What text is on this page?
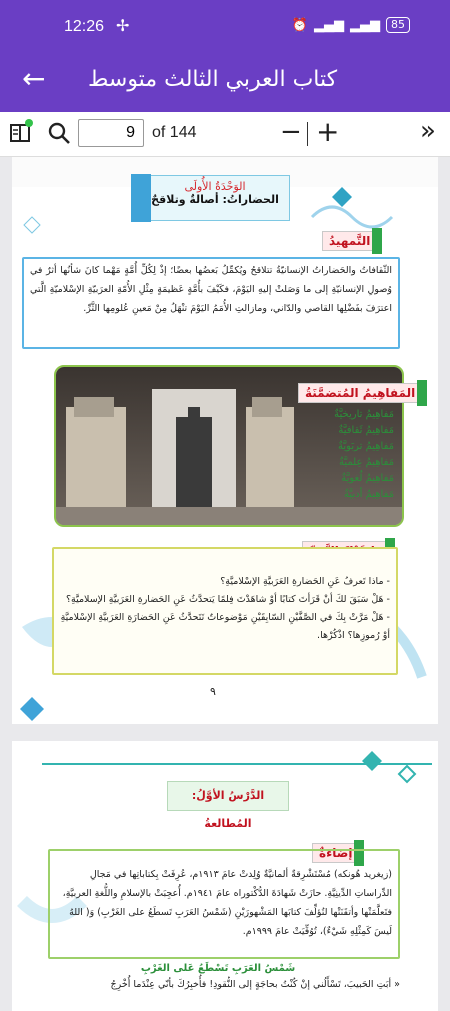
12:26 ✢	⏰ ▂▄▆ ▂▄▆	85
← كتاب العربي الثالث متوسط
9
of 144	− +	»
الوَحْدَةُ الأُولَى
الحضاراتُ: أصالةٌ وتلاقحٌ
التَّمهيدُ
الثّقافاتُ والحَضاراتُ الإنسانيّةُ تتلاقحُ ويُكمِّلُ بَعضُها بعضًا؛ إذْ لِكُلِّ أُمَّةٍ مَهْما كانَ شأنُها أثرٌ في وُصولِ الإنسانيّةِ إلى ما وَصَلتْ إليهِ اليَوْمَ، فكَيْفَ بأُمَّةٍ عَظيمَةٍ مِثْلِ الأُمّةِ العرَبيّةِ الإسْلاميّةِ الَّتي اعترَفَ بفَضْلِها القاصي والدّاني، ومازالتِ الأُمَمُ اليَوْمَ تنْهَلُ مِنْ مَعينِ عُلومِها الثَّرِّ.
المَفاهِيمُ المُتضمَّنَةُ
مَفاهِيمُ تاريخيَّةٌ
مَفاهِيمُ ثَقافيَّةٌ
مَفاهِيمُ تربَويَّةٌ
مَفاهِيمُ عِلميَّةٌ
مَفاهِيمُ لُغويَّةٌ
مَفاهِيمُ أدبيَّةٌ
- ماذا تَعرفُ عَنِ الحَضارةِ العَرَبيَّةِ الإسْلاميَّةِ؟
- هَلْ سَبَقَ لكَ أنْ قَرَأتَ كتابًا أوْ شاهَدْتَ فِلمًا يَتحدَّثُ عَنِ الحَضارةِ العَرَبيَّةِ الإسلاميَّةِ؟
- هَلْ مَرَّتْ بِكَ في الصَّفَّيْنِ السّابِقَيْنِ مَوْضوعاتٌ تَتَحدَّثُ عَنِ الحَضارَةِ العَرَبيَّةِ الإسْلاميَّةِ أوْ رُموزِها؟ اذْكُرْها.
٩
الدَّرْسُ الأوَّلُ: المُطالعةُ
إضاءةٌ
(زيغريد هُونكه) مُسْتَشْرِقةٌ ألمانيَّةٌ وُلِدتْ عامَ ١٩١٣م، عُرِفَتْ بِكتاباتِها في مَجالِ الدِّراساتِ الدِّينِيَّةِ. حازَتْ شَهادَةَ الدُّكْتوراه عامَ ١٩٤١م. أُعجِبَتْ بالإسلامِ واللُّغةِ العربيَّةِ، فتَعلَّمَتْها وأتقَنَتْها لتُؤلِّفَ كتابَها المَشْهورَيْنِ (شَمْسُ العَرَبِ تَسطَعُ على الغَرْبِ) وَ( اللهُ لَيسَ كَمِثْلِهِ شَيْءٌ)، تُوُفِّيَتْ عامَ ١٩٩٩م.
شَمْسُ العَرَبِ تَسْطَعُ عَلى الغَرْبِ
« أبَتِ الحَبيبَ، تَسْأَلُني إنْ كُنْتُ بحاجَةٍ إلى النُّقودِ! فأُخبِرُكَ بأنّي عِنْدَما أُخْرِجُ
